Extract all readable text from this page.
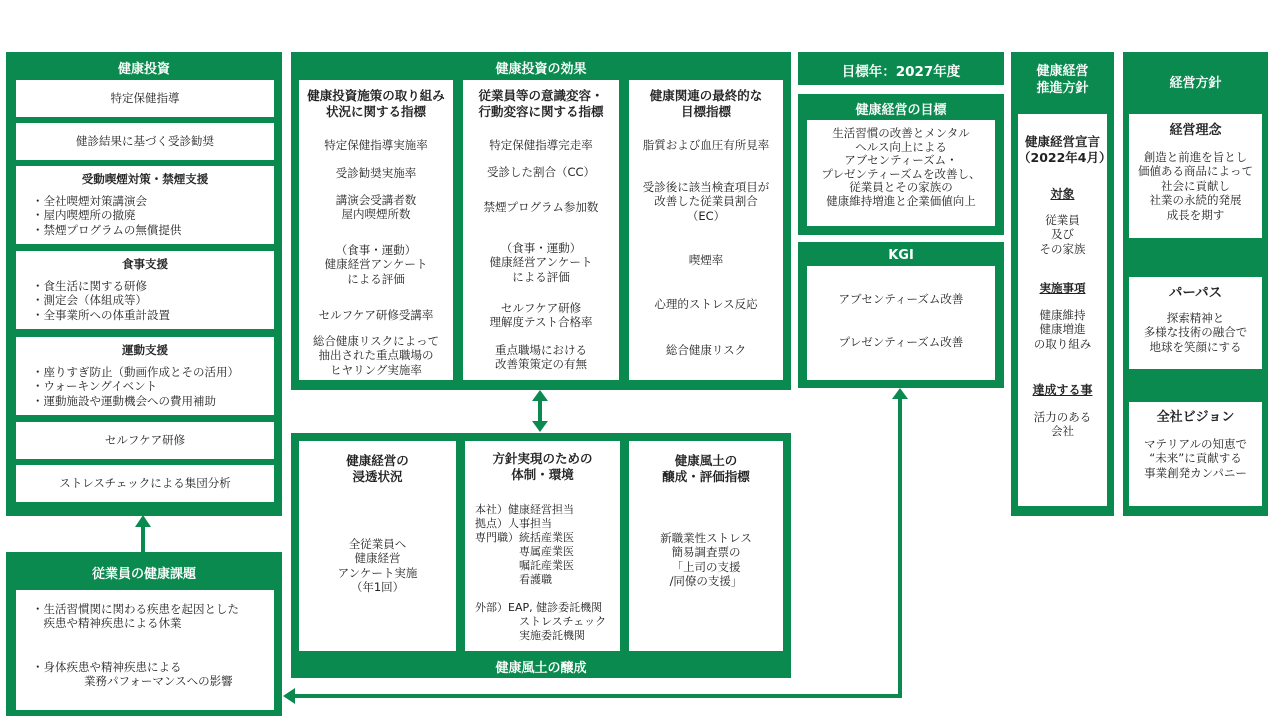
健康投資
特定保健指導
健診結果に基づく受診勧奨
受動喫煙対策・禁煙支援
・全社喫煙対策講演会
・屋内喫煙所の撤廃
・禁煙プログラムの無償提供
食事支援
・食生活に関する研修
・測定会（体組成等）
・全事業所への体重計設置
運動支援
・座りすぎ防止（動画作成とその活用）
・ウォーキングイベント
・運動施設や運動機会への費用補助
セルフケア研修
ストレスチェックによる集団分析
従業員の健康課題
・生活習慣関に関わる疾患を起因とした
　疾患や精神疾患による休業
・身体疾患や精神疾患による
業務パフォーマンスへの影響
健康投資の効果
健康投資施策の取り組み
状況に関する指標
特定保健指導実施率
受診勧奨実施率
講演会受講者数
屋内喫煙所数
（食事・運動）
健康経営アンケート
による評価
セルフケア研修受講率
総合健康リスクによって
抽出された重点職場の
ヒヤリング実施率
従業員等の意識変容・
行動変容に関する指標
特定保健指導完走率
受診した割合（CC）
禁煙プログラム参加数
（食事・運動）
健康経営アンケート
による評価
セルフケア研修
理解度テスト合格率
重点職場における
改善策策定の有無
健康関連の最終的な
目標指標
脂質および血圧有所見率
受診後に該当検査項目が
改善した従業員割合
（EC）
喫煙率
心理的ストレス反応
総合健康リスク
健康経営の
浸透状況
全従業員へ
健康経営
アンケート実施
（年1回）
方針実現のための
体制・環境
本社）健康経営担当
拠点）人事担当
専門職）統括産業医
　　　　専属産業医
　　　　嘱託産業医
　　　　看護職

外部）EAP, 健診委託機関
　　　　ストレスチェック
　　　　実施委託機関
健康風土の
醸成・評価指標
新職業性ストレス
簡易調査票の
「上司の支援
/同僚の支援」
健康風土の醸成
目標年：2027年度
健康経営の目標
生活習慣の改善とメンタル
ヘルス向上による
アブセンティーズム・
プレゼンティーズムを改善し、
従業員とその家族の
健康維持増進と企業価値向上
KGI
アブセンティーズム改善
プレゼンティーズム改善
健康経営
推進方針
健康経営宣言
（2022年4月）
対象
従業員
及び
その家族
実施事項
健康維持
健康増進
の取り組み
達成する事
活力のある
会社
経営方針
経営理念
創造と前進を旨とし
価値ある商品によって
社会に貢献し
社業の永続的発展
成長を期す
パーパス
探索精神と
多様な技術の融合で
地球を笑顔にする
全社ビジョン
マテリアルの知恵で
“未来”に貢献する
事業創発カンパニー
